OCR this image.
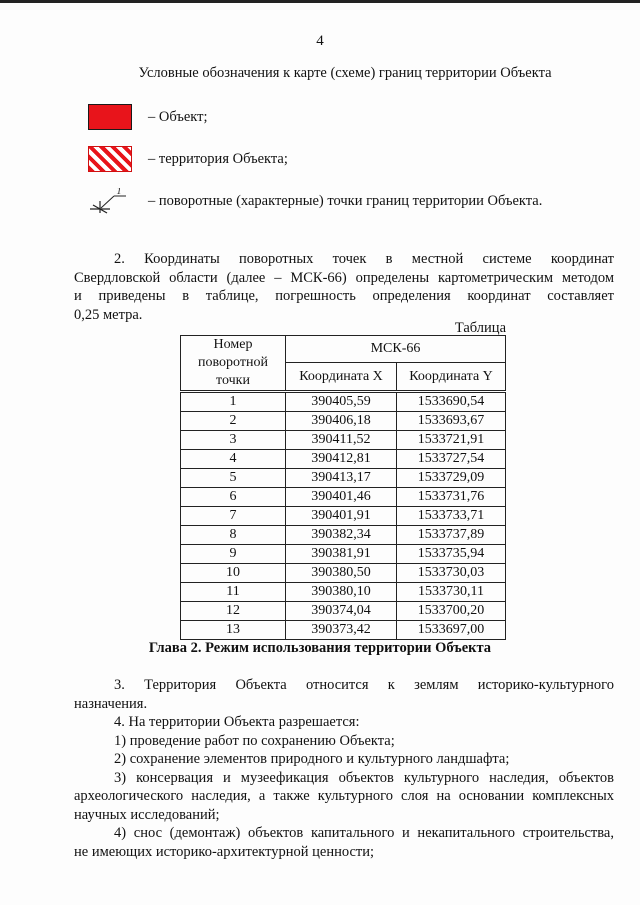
4
Условные обозначения к карте (схеме) границ территории Объекта
– Объект;
– территория Объекта;
1
– поворотные (характерные) точки границ территории Объекта.
2. Координаты поворотных точек в местной системе координат
Свердловской области (далее – МСК-66) определены картометрическим методом
и приведены в таблице, погрешность определения координат составляет
0,25 метра.
Таблица
Номер поворотной точки	МСК-66	
	Координата X	Координата Y
1	390405,59	1533690,54
2	390406,18	1533693,67
3	390411,52	1533721,91
4	390412,81	1533727,54
5	390413,17	1533729,09
6	390401,46	1533731,76
7	390401,91	1533733,71
8	390382,34	1533737,89
9	390381,91	1533735,94
10	390380,50	1533730,03
11	390380,10	1533730,11
12	390374,04	1533700,20
13	390373,42	1533697,00
Глава 2. Режим использования территории Объекта
3. Территория Объекта относится к землям историко-культурного
назначения.
4. На территории Объекта разрешается:
1) проведение работ по сохранению Объекта;
2) сохранение элементов природного и культурного ландшафта;
3) консервация и музеефикация объектов культурного наследия, объектов
археологического наследия, а также культурного слоя на основании комплексных
научных исследований;
4) снос (демонтаж) объектов капитального и некапитального строительства,
не имеющих историко-архитектурной ценности;
